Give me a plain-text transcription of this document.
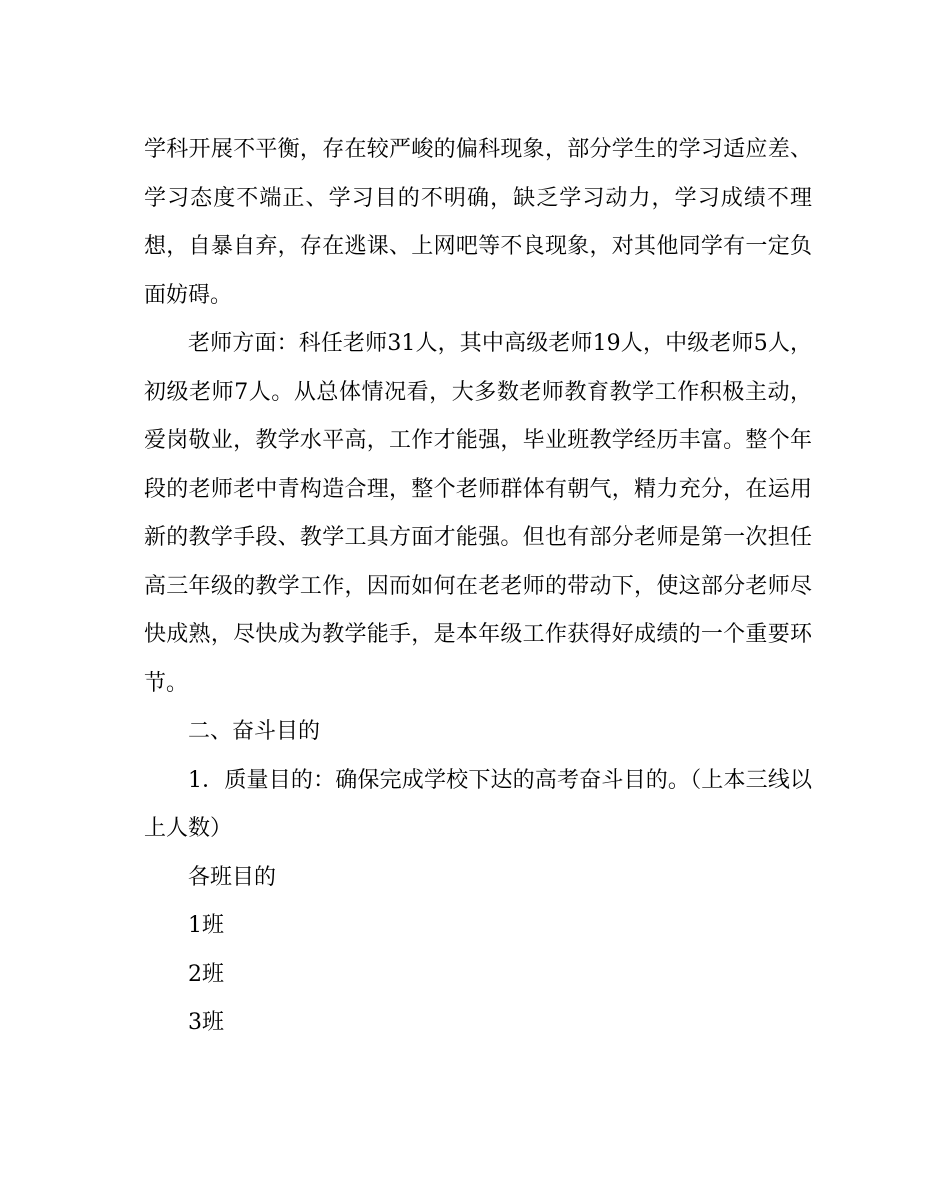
学科开展不平衡，存在较严峻的偏科现象，部分学生的学习适应差、学习态度不端正、学习目的不明确，缺乏学习动力，学习成绩不理想，自暴自弃，存在逃课、上网吧等不良现象，对其他同学有一定负面妨碍。

老师方面：科任老师31人，其中高级老师19人，中级老师5人，初级老师7人。从总体情况看，大多数老师教育教学工作积极主动，爱岗敬业，教学水平高，工作才能强，毕业班教学经历丰富。整个年段的老师老中青构造合理，整个老师群体有朝气，精力充分，在运用新的教学手段、教学工具方面才能强。但也有部分老师是第一次担任高三年级的教学工作，因而如何在老老师的带动下，使这部分老师尽快成熟，尽快成为教学能手，是本年级工作获得好成绩的一个重要环节。

二、奋斗目的

1．质量目的：确保完成学校下达的高考奋斗目的。（上本三线以上人数）

各班目的

1班

2班

3班
